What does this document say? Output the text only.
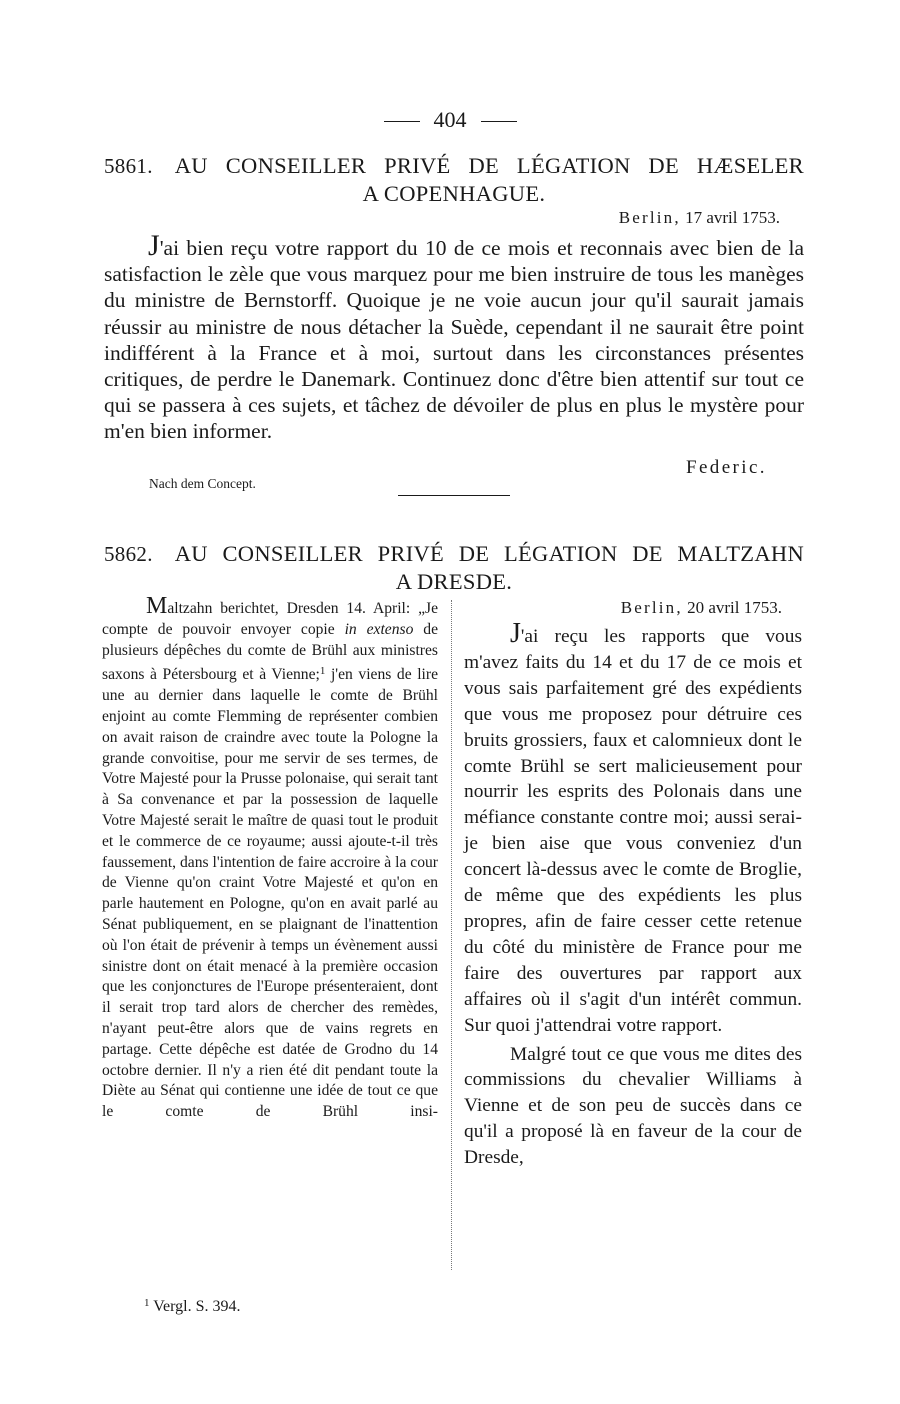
404
5861. AU CONSEILLER PRIVÉ DE LÉGATION DE HÆSELER
A COPENHAGUE.
Berlin, 17 avril 1753.
J'ai bien reçu votre rapport du 10 de ce mois et reconnais avec bien de la satisfaction le zèle que vous marquez pour me bien instruire de tous les manèges du ministre de Bernstorff. Quoique je ne voie aucun jour qu'il saurait jamais réussir au ministre de nous détacher la Suède, cependant il ne saurait être point indifférent à la France et à moi, surtout dans les circonstances présentes critiques, de perdre le Danemark. Continuez donc d'être bien attentif sur tout ce qui se passera à ces sujets, et tâchez de dévoiler de plus en plus le mystère pour m'en bien informer.
Federic.
Nach dem Concept.
5862. AU CONSEILLER PRIVÉ DE LÉGATION DE MALTZAHN
A DRESDE.
Maltzahn berichtet, Dresden 14. April: „Je compte de pouvoir envoyer copie in extenso de plusieurs dépêches du comte de Brühl aux ministres saxons à Pétersbourg et à Vienne;$^1$ j'en viens de lire une au dernier dans laquelle le comte de Brühl enjoint au comte Flemming de représenter combien on avait raison de craindre avec toute la Pologne la grande convoitise, pour me servir de ses termes, de Votre Majesté pour la Prusse polonaise, qui serait tant à Sa convenance et par la possession de laquelle Votre Majesté serait le maître de quasi tout le produit et le commerce de ce royaume; aussi ajoute-t-il très faussement, dans l'intention de faire accroire à la cour de Vienne qu'on craint Votre Majesté et qu'on en parle hautement en Pologne, qu'on en avait parlé au Sénat publiquement, en se plaignant de l'inattention où l'on était de prévenir à temps un évènement aussi sinistre dont on était menacé à la première occasion que les conjonctures de l'Europe présenteraient, dont il serait trop tard alors de chercher des remèdes, n'ayant peut-être alors que de vains regrets en partage. Cette dépêche est datée de Grodno du 14 octobre dernier. Il n'y a rien été dit pendant toute la Diète au Sénat qui contienne une idée de tout ce que le comte de Brühl insi-
Berlin, 20 avril 1753.

J'ai reçu les rapports que vous m'avez faits du 14 et du 17 de ce mois et vous sais parfaitement gré des expédients que vous me proposez pour détruire ces bruits grossiers, faux et calomnieux dont le comte Brühl se sert malicieusement pour nourrir les esprits des Polonais dans une méfiance constante contre moi; aussi serai-je bien aise que vous conveniez d'un concert là-dessus avec le comte de Broglie, de même que des expédients les plus propres, afin de faire cesser cette retenue du côté du ministère de France pour me faire des ouvertures par rapport aux affaires où il s'agit d'un intérêt commun. Sur quoi j'attendrai votre rapport.

Malgré tout ce que vous me dites des commissions du chevalier Williams à Vienne et de son peu de succès dans ce qu'il a proposé là en faveur de la cour de Dresde,

$^1$ Vergl. S. 394.
